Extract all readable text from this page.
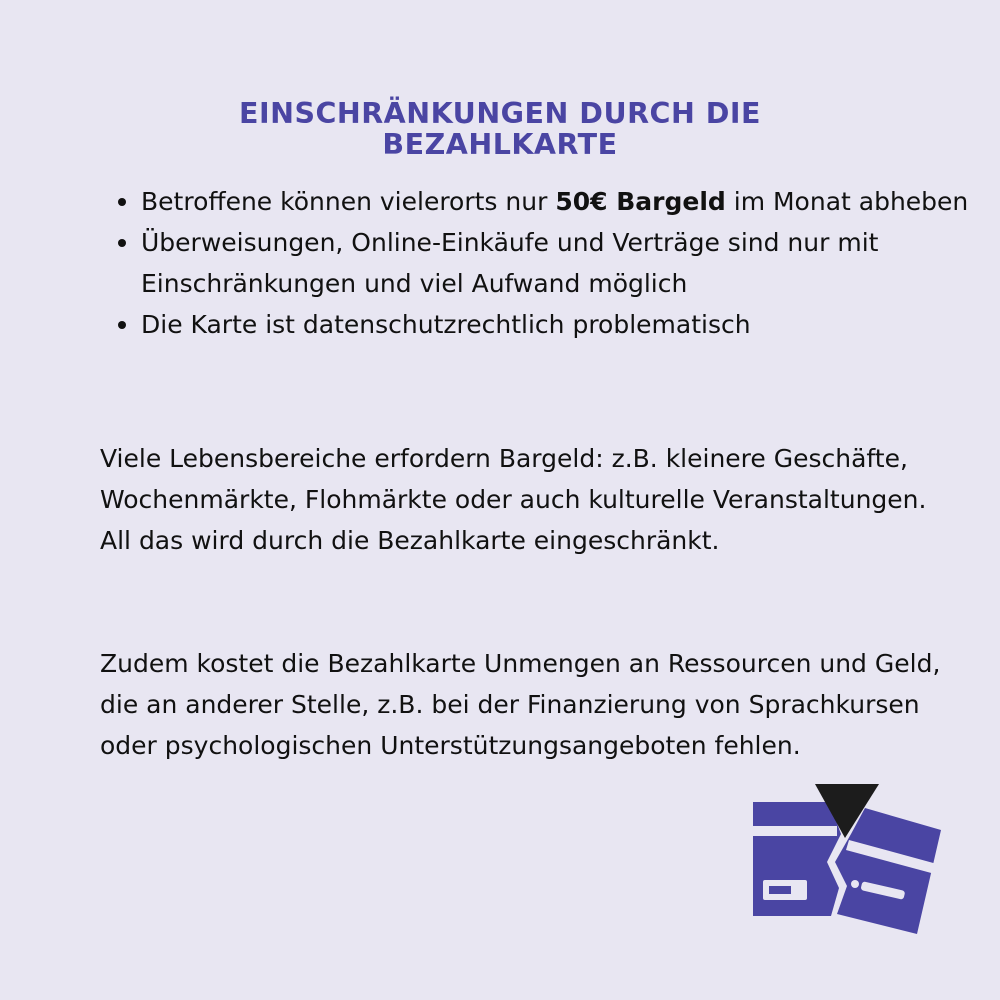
EINSCHRÄNKUNGEN DURCH DIE
BEZAHLKARTE
Betroffene können vielerorts nur 50€ Bargeld im Monat abheben
Überweisungen, Online-Einkäufe und Verträge sind nur mit Einschränkungen und viel Aufwand möglich
Die Karte ist datenschutzrechtlich problematisch

Viele Lebensbereiche erfordern Bargeld: z.B. kleinere Geschäfte, Wochenmärkte, Flohmärkte oder auch kulturelle Veranstaltungen. All das wird durch die Bezahlkarte eingeschränkt.

Zudem kostet die Bezahlkarte Unmengen an Ressourcen und Geld, die an anderer Stelle, z.B. bei der Finanzierung von Sprachkursen oder psychologischen Unterstützungsangeboten fehlen.
